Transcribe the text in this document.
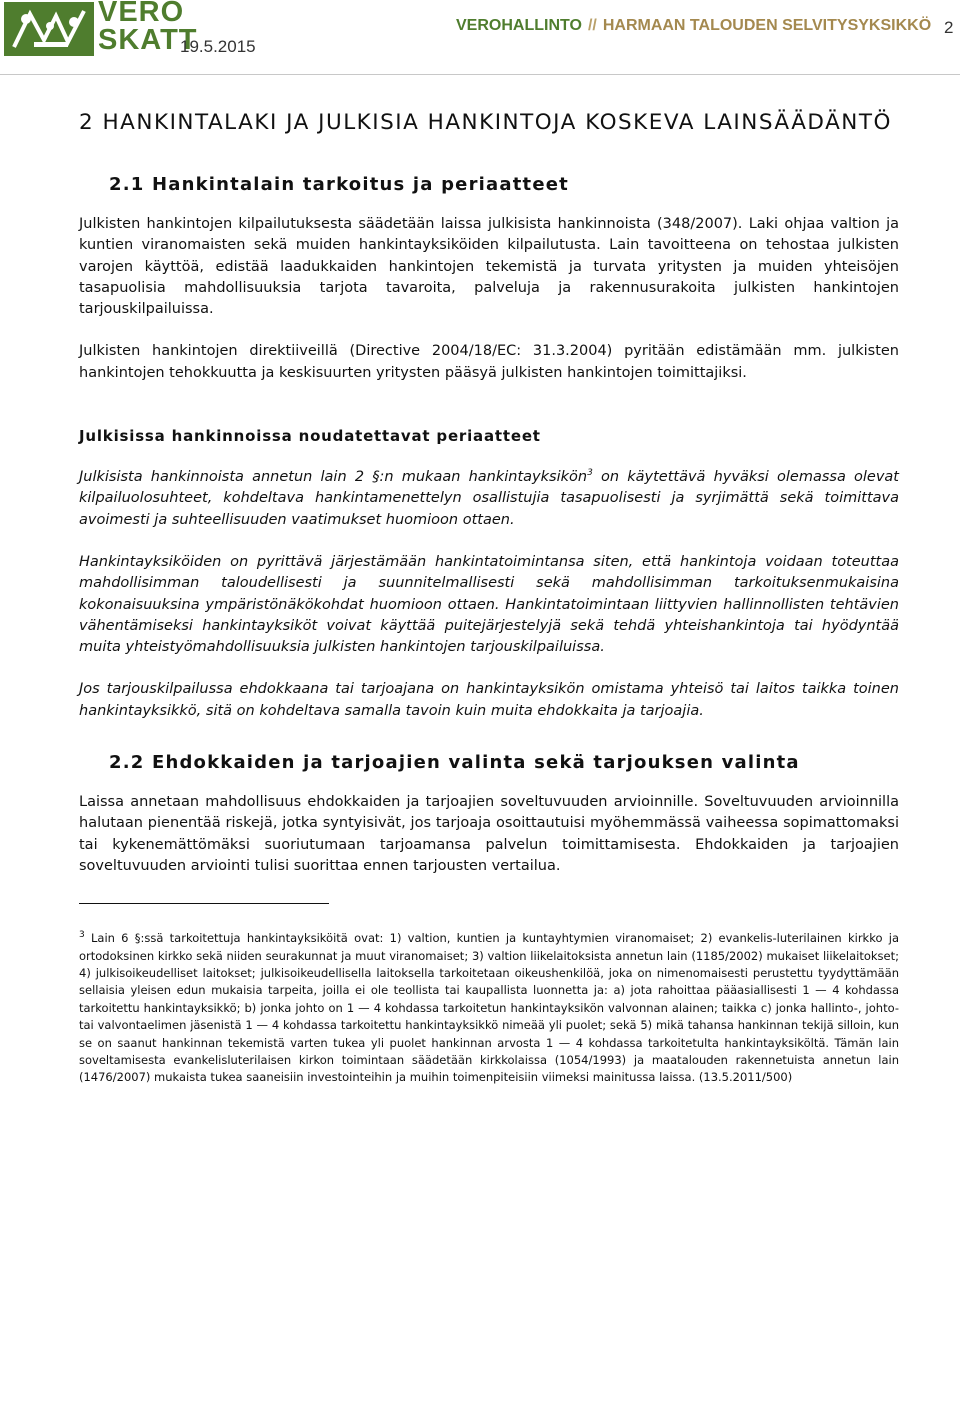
VERO
SKATT
19.5.2015
VEROHALLINTO // HARMAAN TALOUDEN SELVITYSYKSIKKÖ 2
2 HANKINTALAKI JA JULKISIA HANKINTOJA KOSKEVA LAINSÄÄDÄNTÖ
2.1 Hankintalain tarkoitus ja periaatteet

Julkisten hankintojen kilpailutuksesta säädetään laissa julkisista hankinnoista (348/2007). Laki ohjaa valtion ja kuntien viranomaisten sekä muiden hankintayksiköiden kilpailutusta. Lain tavoitteena on tehostaa julkisten varojen käyttöä, edistää laadukkaiden hankintojen tekemistä ja turvata yritysten ja muiden yhteisöjen tasapuolisia mahdollisuuksia tarjota tavaroita, palveluja ja rakennusurakoita julkisten hankintojen tarjouskilpailuissa.

Julkisten hankintojen direktiiveillä (Directive 2004/18/EC: 31.3.2004) pyritään edistämään mm. julkisten hankintojen tehokkuutta ja keskisuurten yritysten pääsyä julkisten hankintojen toimittajiksi.

Julkisissa hankinnoissa noudatettavat periaatteet

Julkisista hankinnoista annetun lain 2 §:n mukaan hankintayksikön$^3$ on käytettävä hyväksi olemassa olevat kilpailuolosuhteet, kohdeltava hankintamenettelyn osallistujia tasapuolisesti ja syrjimättä sekä toimittava avoimesti ja suhteellisuuden vaatimukset huomioon ottaen.

Hankintayksiköiden on pyrittävä järjestämään hankintatoimintansa siten, että hankintoja voidaan toteuttaa mahdollisimman taloudellisesti ja suunnitelmallisesti sekä mahdollisimman tarkoituksenmukaisina kokonaisuuksina ympäristönäkökohdat huomioon ottaen. Hankintatoimintaan liittyvien hallinnollisten tehtävien vähentämiseksi hankintayksiköt voivat käyttää puitejärjestelyjä sekä tehdä yhteishankintoja tai hyödyntää muita yhteistyömahdollisuuksia julkisten hankintojen tarjouskilpailuissa.

Jos tarjouskilpailussa ehdokkaana tai tarjoajana on hankintayksikön omistama yhteisö tai laitos taikka toinen hankintayksikkö, sitä on kohdeltava samalla tavoin kuin muita ehdokkaita ja tarjoajia.

2.2 Ehdokkaiden ja tarjoajien valinta sekä tarjouksen valinta

Laissa annetaan mahdollisuus ehdokkaiden ja tarjoajien soveltuvuuden arvioinnille. Soveltuvuuden arvioinnilla halutaan pienentää riskejä, jotka syntyisivät, jos tarjoaja osoittautuisi myöhemmässä vaiheessa sopimattomaksi tai kykenemättömäksi suoriutumaan tarjoamansa palvelun toimittamisesta. Ehdokkaiden ja tarjoajien soveltuvuuden arviointi tulisi suorittaa ennen tarjousten vertailua.

$^3$ Lain 6 §:ssä tarkoitettuja hankintayksiköitä ovat: 1) valtion, kuntien ja kuntayhtymien viranomaiset; 2) evankelis-luterilainen kirkko ja ortodoksinen kirkko sekä niiden seurakunnat ja muut viranomaiset; 3) valtion liikelaitoksista annetun lain (1185/2002) mukaiset liikelaitokset; 4) julkisoikeudelliset laitokset; julkisoikeudellisella laitoksella tarkoitetaan oikeushenkilöä, joka on nimenomaisesti perustettu tyydyttämään sellaisia yleisen edun mukaisia tarpeita, joilla ei ole teollista tai kaupallista luonnetta ja: a) jota rahoittaa pääasiallisesti 1 — 4 kohdassa tarkoitettu hankintayksikkö; b) jonka johto on 1 — 4 kohdassa tarkoitetun hankintayksikön valvonnan alainen; taikka c) jonka hallinto-, johto- tai valvontaelimen jäsenistä 1 — 4 kohdassa tarkoitettu hankintayksikkö nimeää yli puolet; sekä 5) mikä tahansa hankinnan tekijä silloin, kun se on saanut hankinnan tekemistä varten tukea yli puolet hankinnan arvosta 1 — 4 kohdassa tarkoitetulta hankintayksiköltä. Tämän lain soveltamisesta evankelisluterilaisen kirkon toimintaan säädetään kirkkolaissa (1054/1993) ja maatalouden rakennetuista annetun lain (1476/2007) mukaista tukea saaneisiin investointeihin ja muihin toimenpiteisiin viimeksi mainitussa laissa. (13.5.2011/500)
